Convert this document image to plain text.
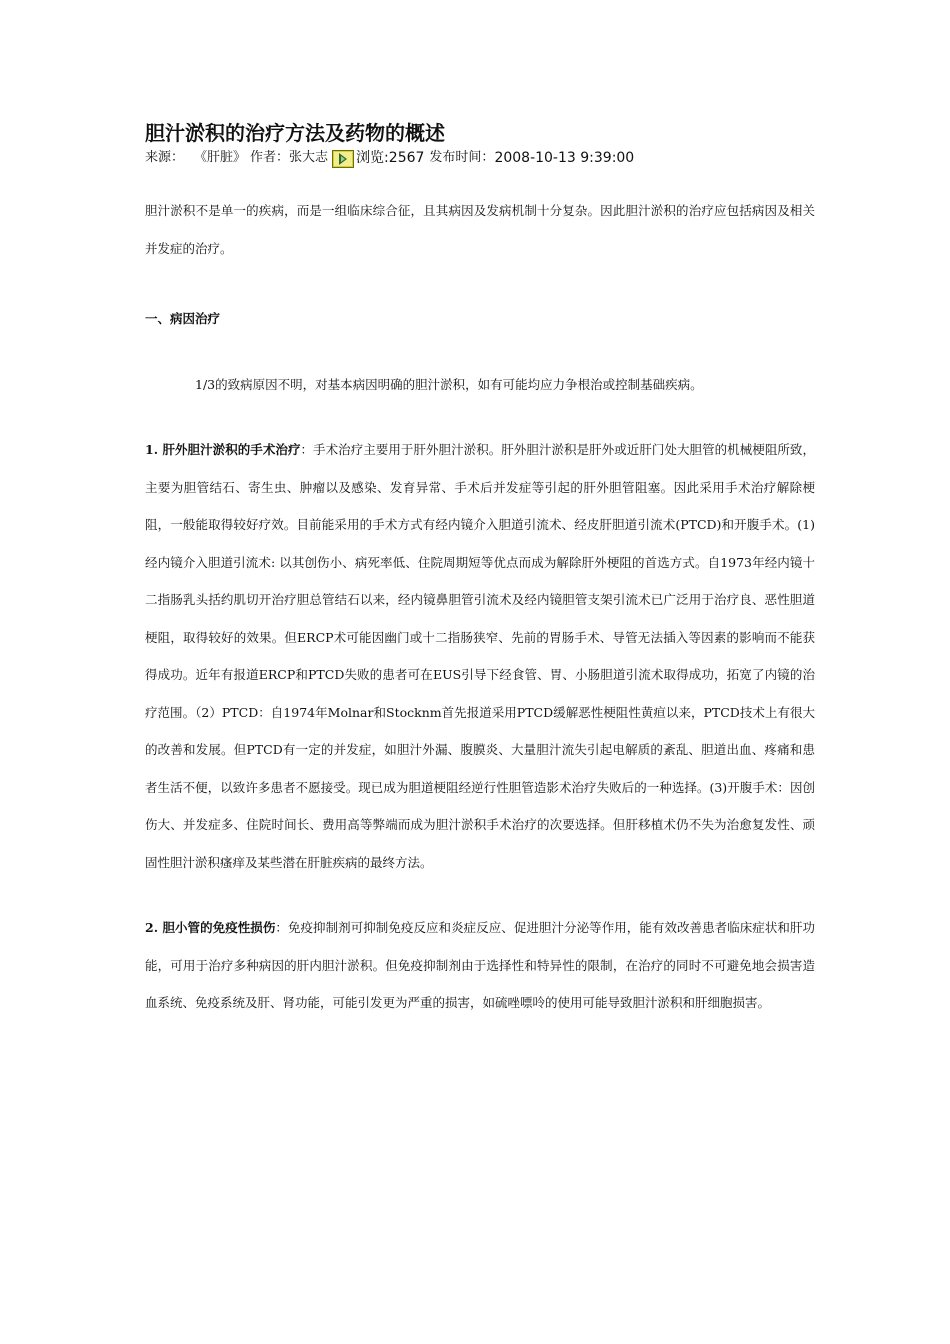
胆汁淤积的治疗方法及药物的概述
来源： 《肝脏》 作者： 张大志 浏览: 2567 发布时间： 2008-10-13 9:39:00

胆汁淤积不是单一的疾病，而是一组临床综合征，且其病因及发病机制十分复杂。因此胆汁淤积的治疗应包括病因及相关并发症的治疗。

一、病因治疗

1/3的致病原因不明，对基本病因明确的胆汁淤积，如有可能均应力争根治或控制基础疾病。

1. 肝外胆汁淤积的手术治疗：手术治疗主要用于肝外胆汁淤积。肝外胆汁淤积是肝外或近肝门处大胆管的机械梗阻所致，主要为胆管结石、寄生虫、肿瘤以及感染、发育异常、手术后并发症等引起的肝外胆管阻塞。因此采用手术治疗解除梗阻，一般能取得较好疗效。目前能采用的手术方式有经内镜介入胆道引流术、经皮肝胆道引流术(PTCD)和开腹手术。(1)经内镜介入胆道引流术: 以其创伤小、病死率低、住院周期短等优点而成为解除肝外梗阻的首选方式。自1973年经内镜十二指肠乳头括约肌切开治疗胆总管结石以来，经内镜鼻胆管引流术及经内镜胆管支架引流术已广泛用于治疗良、恶性胆道梗阻，取得较好的效果。但ERCP术可能因幽门或十二指肠狭窄、先前的胃肠手术、导管无法插入等因素的影响而不能获得成功。近年有报道ERCP和PTCD失败的患者可在EUS引导下经食管、胃、小肠胆道引流术取得成功，拓宽了内镜的治疗范围。（2）PTCD：自1974年Molnar和Stocknm首先报道采用PTCD缓解恶性梗阻性黄疸以来，PTCD技术上有很大的改善和发展。但PTCD有一定的并发症，如胆汁外漏、腹膜炎、大量胆汁流失引起电解质的紊乱、胆道出血、疼痛和患者生活不便，以致许多患者不愿接受。现已成为胆道梗阻经逆行性胆管造影术治疗失败后的一种选择。(3)开腹手术：因创伤大、并发症多、住院时间长、费用高等弊端而成为胆汁淤积手术治疗的次要选择。但肝移植术仍不失为治愈复发性、顽固性胆汁淤积瘙痒及某些潜在肝脏疾病的最终方法。

2. 胆小管的免疫性损伤：免疫抑制剂可抑制免疫反应和炎症反应、促进胆汁分泌等作用，能有效改善患者临床症状和肝功能，可用于治疗多种病因的肝内胆汁淤积。但免疫抑制剂由于选择性和特异性的限制，在治疗的同时不可避免地会损害造血系统、免疫系统及肝、肾功能，可能引发更为严重的损害，如硫唑嘌呤的使用可能导致胆汁淤积和肝细胞损害。
